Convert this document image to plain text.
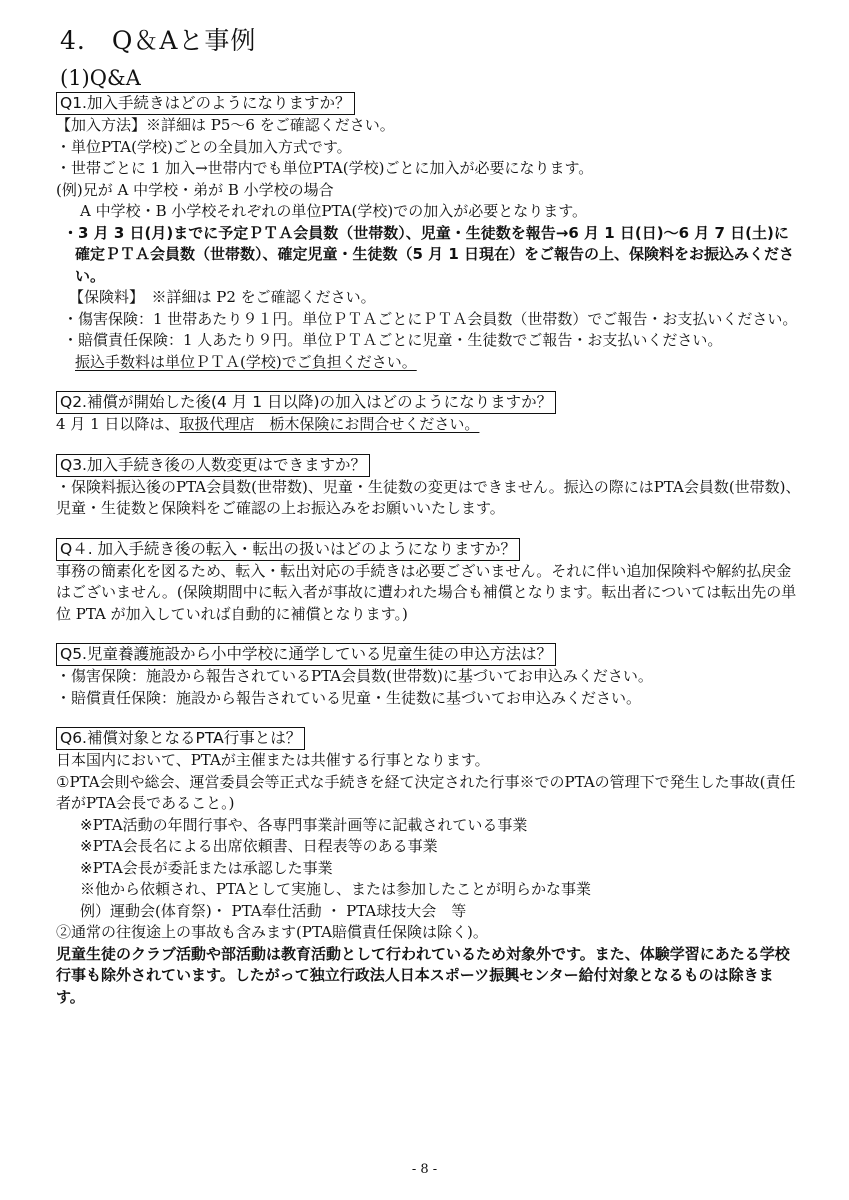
4.　Q＆Aと事例
(1)Q&A
Q1.加入手続きはどのようになりますか？
【加入方法】※詳細は P5～6 をご確認ください。
・単位PTA(学校)ごとの全員加入方式です。
・世帯ごとに 1 加入→世帯内でも単位PTA(学校)ごとに加入が必要になります。
(例)兄が A 中学校・弟が B 小学校の場合
A 中学校・B 小学校それぞれの単位PTA(学校)での加入が必要となります。
・3 月 3 日(月)までに予定ＰＴＡ会員数（世帯数）、児童・生徒数を報告→6 月 1 日(日)～6 月 7 日(土)に確定ＰＴＡ会員数（世帯数）、確定児童・生徒数（5 月 1 日現在）をご報告の上、保険料をお振込みください。
【保険料】　※詳細は P2 をご確認ください。
・傷害保険：1 世帯あたり９１円。単位ＰＴＡごとにＰＴＡ会員数（世帯数）でご報告・お支払いください。
・賠償責任保険：1 人あたり９円。単位ＰＴＡごとに児童・生徒数でご報告・お支払いください。
振込手数料は単位ＰＴＡ(学校)でご負担ください。
Q2.補償が開始した後(4 月 1 日以降)の加入はどのようになりますか？
4 月 1 日以降は、取扱代理店　栃木保険にお問合せください。
Q3.加入手続き後の人数変更はできますか？
・保険料振込後のPTA会員数(世帯数)、児童・生徒数の変更はできません。振込の際にはPTA会員数(世帯数)、児童・生徒数と保険料をご確認の上お振込みをお願いいたします。
Q４. 加入手続き後の転入・転出の扱いはどのようになりますか？
事務の簡素化を図るため、転入・転出対応の手続きは必要ございません。それに伴い追加保険料や解約払戻金はございません。(保険期間中に転入者が事故に遭われた場合も補償となります。転出者については転出先の単位 PTA が加入していれば自動的に補償となります。)
Q5.児童養護施設から小中学校に通学している児童生徒の申込方法は？
・傷害保険：施設から報告されているPTA会員数(世帯数)に基づいてお申込みください。
・賠償責任保険：施設から報告されている児童・生徒数に基づいてお申込みください。
Q6.補償対象となるPTA行事とは？
日本国内において、PTAが主催または共催する行事となります。
①PTA会則や総会、運営委員会等正式な手続きを経て決定された行事※でのPTAの管理下で発生した事故(責任者がPTA会長であること。)
※PTA活動の年間行事や、各専門事業計画等に記載されている事業
※PTA会長名による出席依頼書、日程表等のある事業
※PTA会長が委託または承認した事業
※他から依頼され、PTAとして実施し、または参加したことが明らかな事業
例）運動会(体育祭)・ PTA奉仕活動 ・ PTA球技大会　等
②通常の往復途上の事故も含みます(PTA賠償責任保険は除く)。
児童生徒のクラブ活動や部活動は教育活動として行われているため対象外です。また、体験学習にあたる学校行事も除外されています。したがって独立行政法人日本スポーツ振興センター給付対象となるものは除きます。
- 8 -
